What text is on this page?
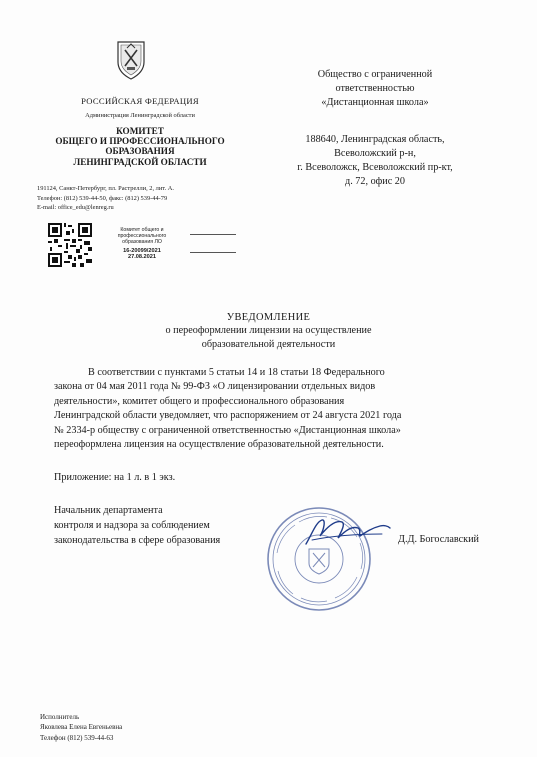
РОССИЙСКАЯ ФЕДЕРАЦИЯ
Администрация Ленинградской области
КОМИТЕТ
ОБЩЕГО И ПРОФЕССИОНАЛЬНОГО
ОБРАЗОВАНИЯ
ЛЕНИНГРАДСКОЙ ОБЛАСТИ
191124, Санкт-Петербург, пл. Растрелли, 2, лит. А.
Телефон: (812) 539-44-50, факс: (812) 539-44-79
E-mail: office_edu@lenreg.ru
Комитет общего и
профессионального
образования ЛО
16-20099/2021
27.08.2021
Общество с ограниченной
ответственностью
«Дистанционная школа»
188640, Ленинградская область,
Всеволожский р-н,
г. Всеволожск, Всеволожский пр-кт,
д. 72, офис 20
УВЕДОМЛЕНИЕ
о переоформлении лицензии на осуществление
образовательной деятельности
В соответствии с пунктами 5 статьи 14 и 18 статьи 18 Федерального
закона от 04 мая 2011 года № 99-ФЗ «О лицензировании отдельных видов
деятельности», комитет общего и профессионального образования
Ленинградской области уведомляет, что распоряжением от 24 августа 2021 года
№ 2334-р обществу с ограниченной ответственностью «Дистанционная школа»
переоформлена лицензия на осуществление образовательной деятельности.
Приложение: на 1 л. в 1 экз.
Начальник департамента
контроля и надзора за соблюдением
законодательства в сфере образования	Д.Д. Богославский
Исполнитель
Яковлева Елена Евгеньевна
Телефон (812) 539-44-63
